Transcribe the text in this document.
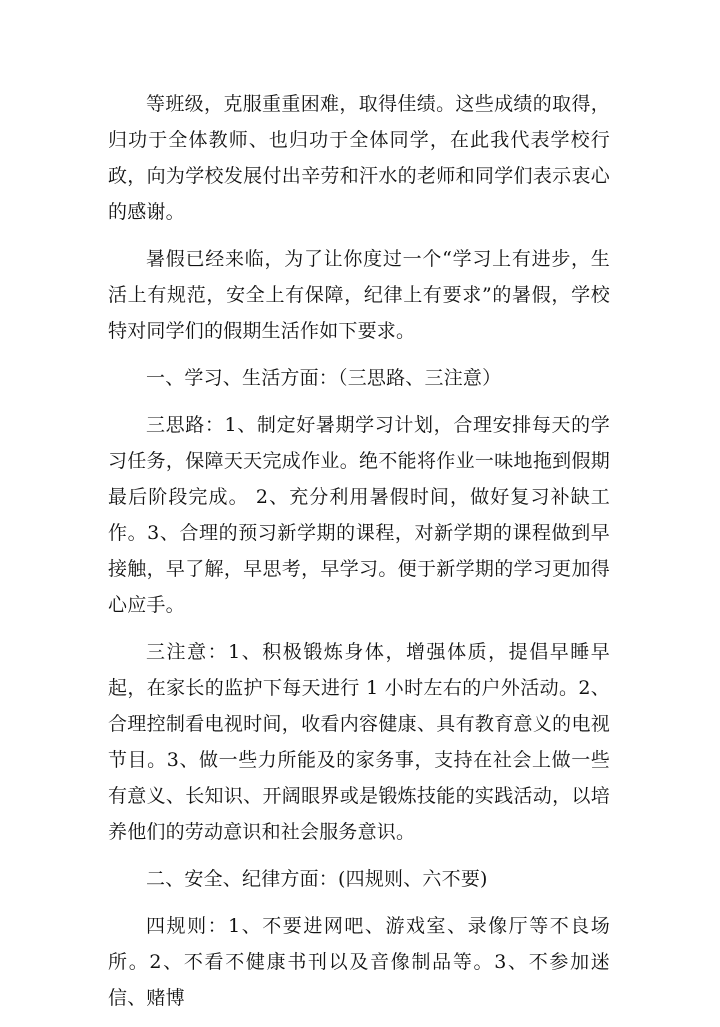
等班级，克服重重困难，取得佳绩。这些成绩的取得，归功于全体教师、也归功于全体同学，在此我代表学校行政，向为学校发展付出辛劳和汗水的老师和同学们表示衷心的感谢。

暑假已经来临，为了让你度过一个“学习上有进步，生活上有规范，安全上有保障，纪律上有要求”的暑假，学校特对同学们的假期生活作如下要求。

一、学习、生活方面：（三思路、三注意）

三思路：1、制定好暑期学习计划，合理安排每天的学习任务，保障天天完成作业。绝不能将作业一味地拖到假期最后阶段完成。 2、充分利用暑假时间，做好复习补缺工作。3、合理的预习新学期的课程，对新学期的课程做到早接触，早了解，早思考，早学习。便于新学期的学习更加得心应手。

三注意：1、积极锻炼身体，增强体质，提倡早睡早起，在家长的监护下每天进行 1 小时左右的户外活动。2、合理控制看电视时间，收看内容健康、具有教育意义的电视节目。3、做一些力所能及的家务事，支持在社会上做一些有意义、长知识、开阔眼界或是锻炼技能的实践活动，以培养他们的劳动意识和社会服务意识。

二、安全、纪律方面：(四规则、六不要)

四规则：1、不要进网吧、游戏室、录像厅等不良场所。2、不看不健康书刊以及音像制品等。3、不参加迷信、赌博
